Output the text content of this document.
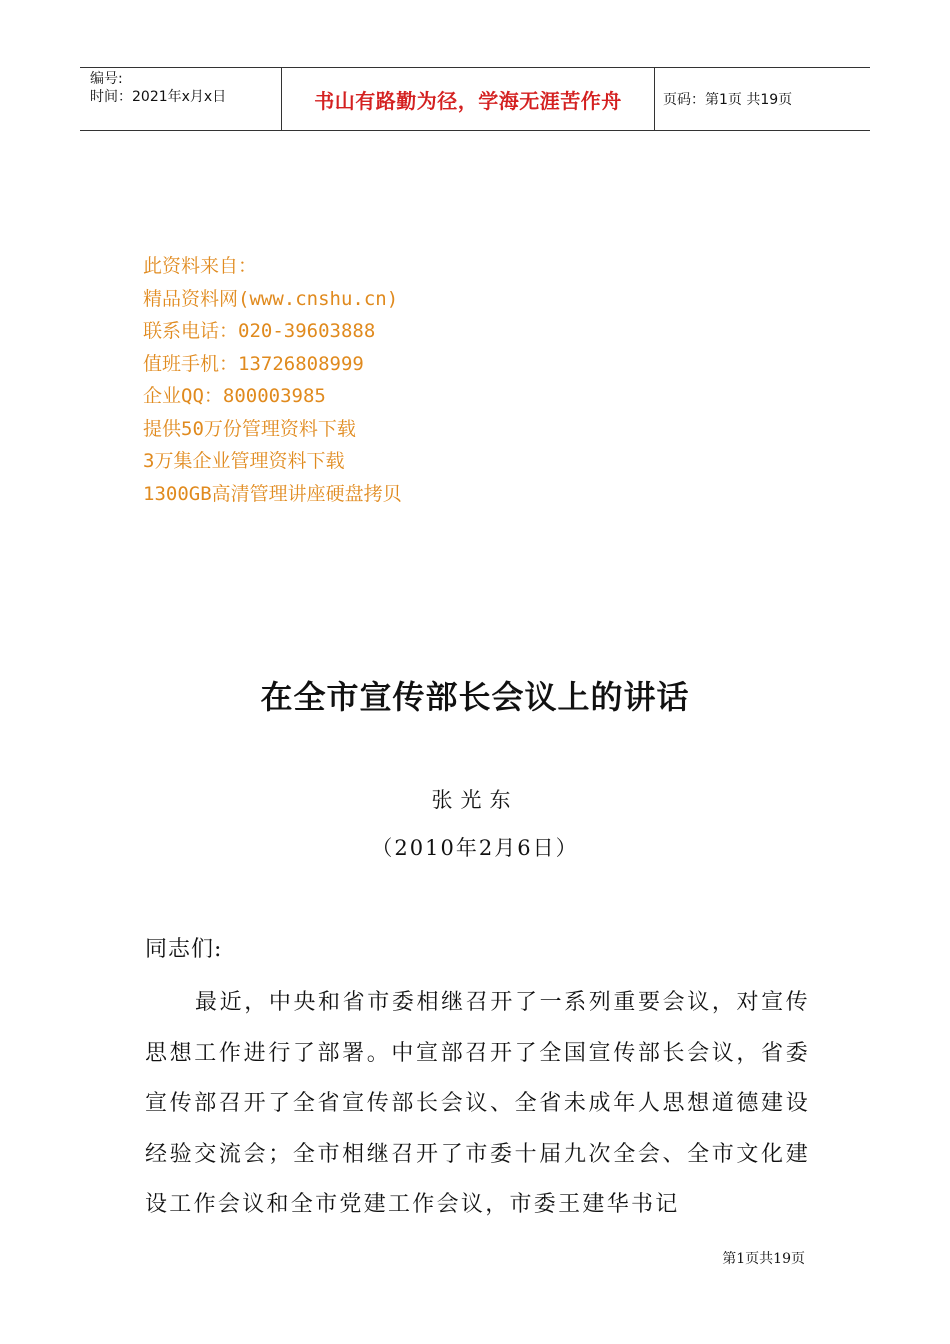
编号:
时间：2021年x月x日	书山有路勤为径，学海无涯苦作舟	页码：第1页 共19页
此资料来自：
精品资料网(www.cnshu.cn)
联系电话：020-39603888
值班手机：13726808999
企业QQ：800003985
提供50万份管理资料下载
3万集企业管理资料下载
1300GB高清管理讲座硬盘拷贝
在全市宣传部长会议上的讲话
张光东
（2010年2月6日）
同志们:
最近，中央和省市委相继召开了一系列重要会议，对宣传思想工作进行了部署。中宣部召开了全国宣传部长会议，省委宣传部召开了全省宣传部长会议、全省未成年人思想道德建设经验交流会；全市相继召开了市委十届九次全会、全市文化建设工作会议和全市党建工作会议，市委王建华书记
第1页共19页
